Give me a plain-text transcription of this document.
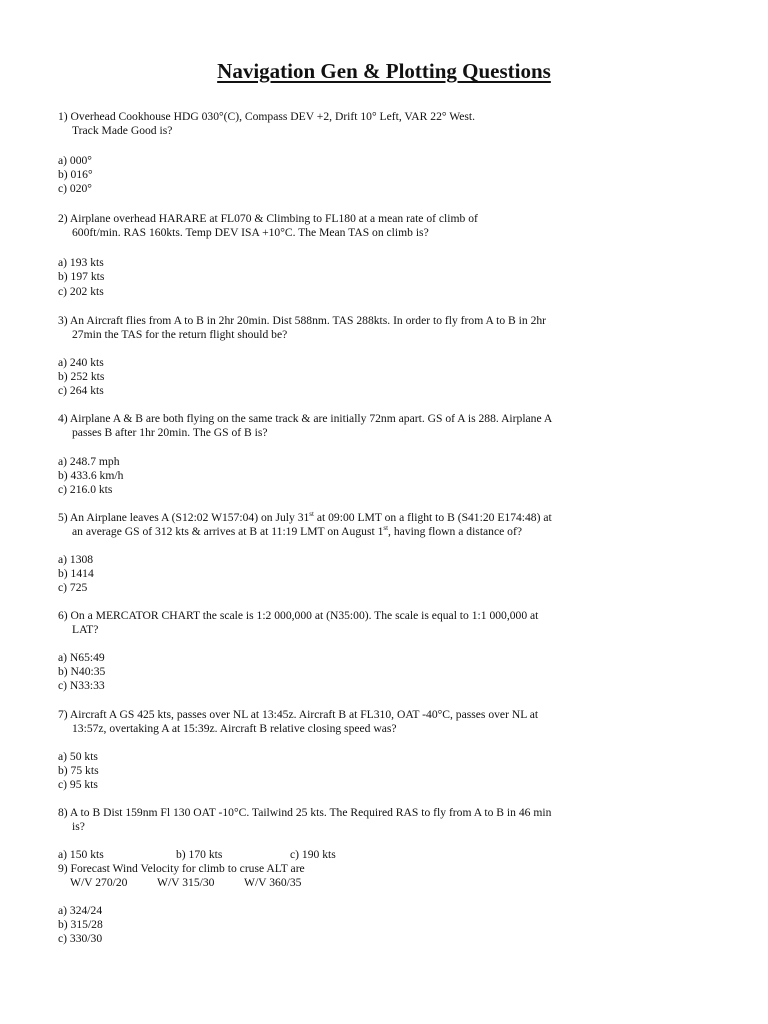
Navigation Gen & Plotting Questions
1) Overhead Cookhouse HDG 030°(C), Compass DEV +2, Drift 10° Left, VAR 22° West.
Track Made Good is?
a) 000°
b) 016°
c) 020°
2) Airplane overhead HARARE at FL070 & Climbing to FL180 at a mean rate of climb of
600ft/min. RAS 160kts. Temp DEV ISA +10°C. The Mean TAS on climb is?
a) 193 kts
b) 197 kts
c) 202 kts
3) An Aircraft flies from A to B in 2hr 20min. Dist 588nm. TAS 288kts. In order to fly from A to B in 2hr
27min the TAS for the return flight should be?
a) 240 kts
b) 252 kts
c) 264 kts
4) Airplane A & B are both flying on the same track & are initially 72nm apart. GS of A is 288. Airplane A
passes B after 1hr 20min. The GS of B is?
a) 248.7 mph
b) 433.6 km/h
c) 216.0 kts
5) An Airplane leaves A (S12:02 W157:04) on July 31st at 09:00 LMT on a flight to B (S41:20 E174:48) at
an average GS of 312 kts & arrives at B at 11:19 LMT on August 1st, having flown a distance of?
a) 1308
b) 1414
c) 725
6) On a MERCATOR CHART the scale is 1:2 000,000 at (N35:00). The scale is equal to 1:1 000,000 at
LAT?
a) N65:49
b) N40:35
c) N33:33
7) Aircraft A GS 425 kts, passes over NL at 13:45z. Aircraft B at FL310, OAT -40°C, passes over NL at
13:57z, overtaking A at 15:39z. Aircraft B relative closing speed was?
a) 50 kts
b) 75 kts
c) 95 kts
8) A to B Dist 159nm Fl 130 OAT -10°C. Tailwind 25 kts. The Required RAS to fly from A to B in 46 min
is?
a) 150 kts	b) 170 kts	c) 190 kts
9) Forecast Wind Velocity for climb to cruse ALT are
W/V 270/20	W/V 315/30	W/V 360/35
a) 324/24
b) 315/28
c) 330/30
